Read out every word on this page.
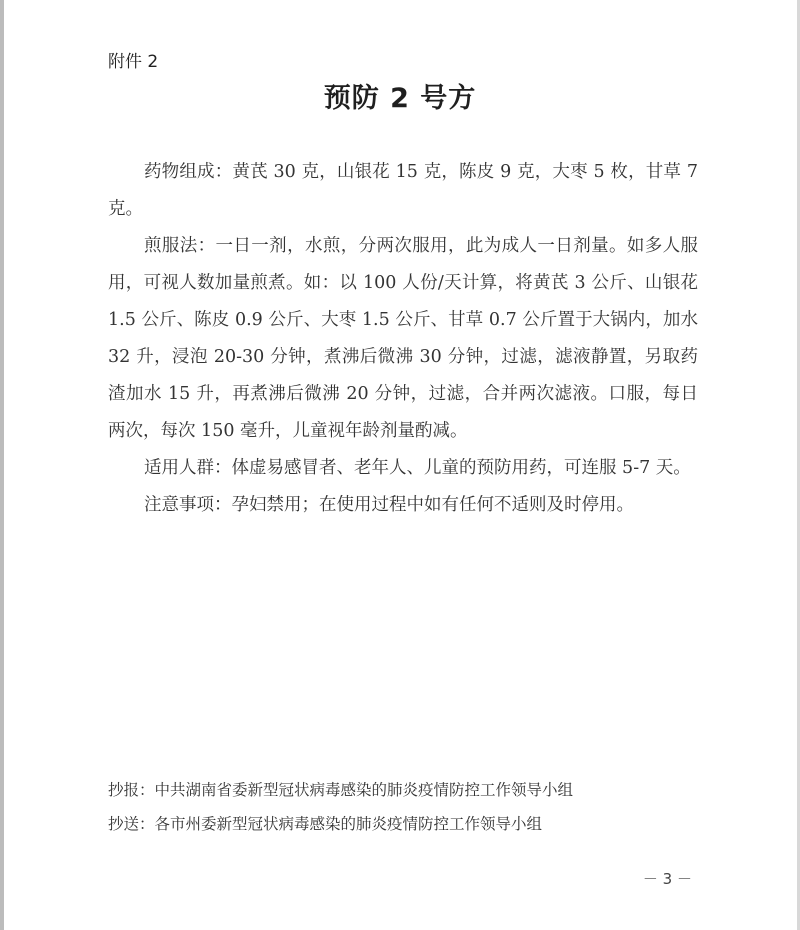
附件 2
预防 2 号方

药物组成：黄芪 30 克，山银花 15 克，陈皮 9 克，大枣 5 枚，甘草 7 克。

煎服法：一日一剂，水煎，分两次服用，此为成人一日剂量。如多人服用，可视人数加量煎煮。如：以 100 人份/天计算，将黄芪 3 公斤、山银花 1.5 公斤、陈皮 0.9 公斤、大枣 1.5 公斤、甘草 0.7 公斤置于大锅内，加水 32 升，浸泡 20-30 分钟，煮沸后微沸 30 分钟，过滤，滤液静置，另取药渣加水 15 升，再煮沸后微沸 20 分钟，过滤，合并两次滤液。口服，每日两次，每次 150 毫升，儿童视年龄剂量酌减。

适用人群：体虚易感冒者、老年人、儿童的预防用药，可连服 5-7 天。

注意事项：孕妇禁用；在使用过程中如有任何不适则及时停用。

抄报：中共湖南省委新型冠状病毒感染的肺炎疫情防控工作领导小组
抄送：各市州委新型冠状病毒感染的肺炎疫情防控工作领导小组
－ 3 －
